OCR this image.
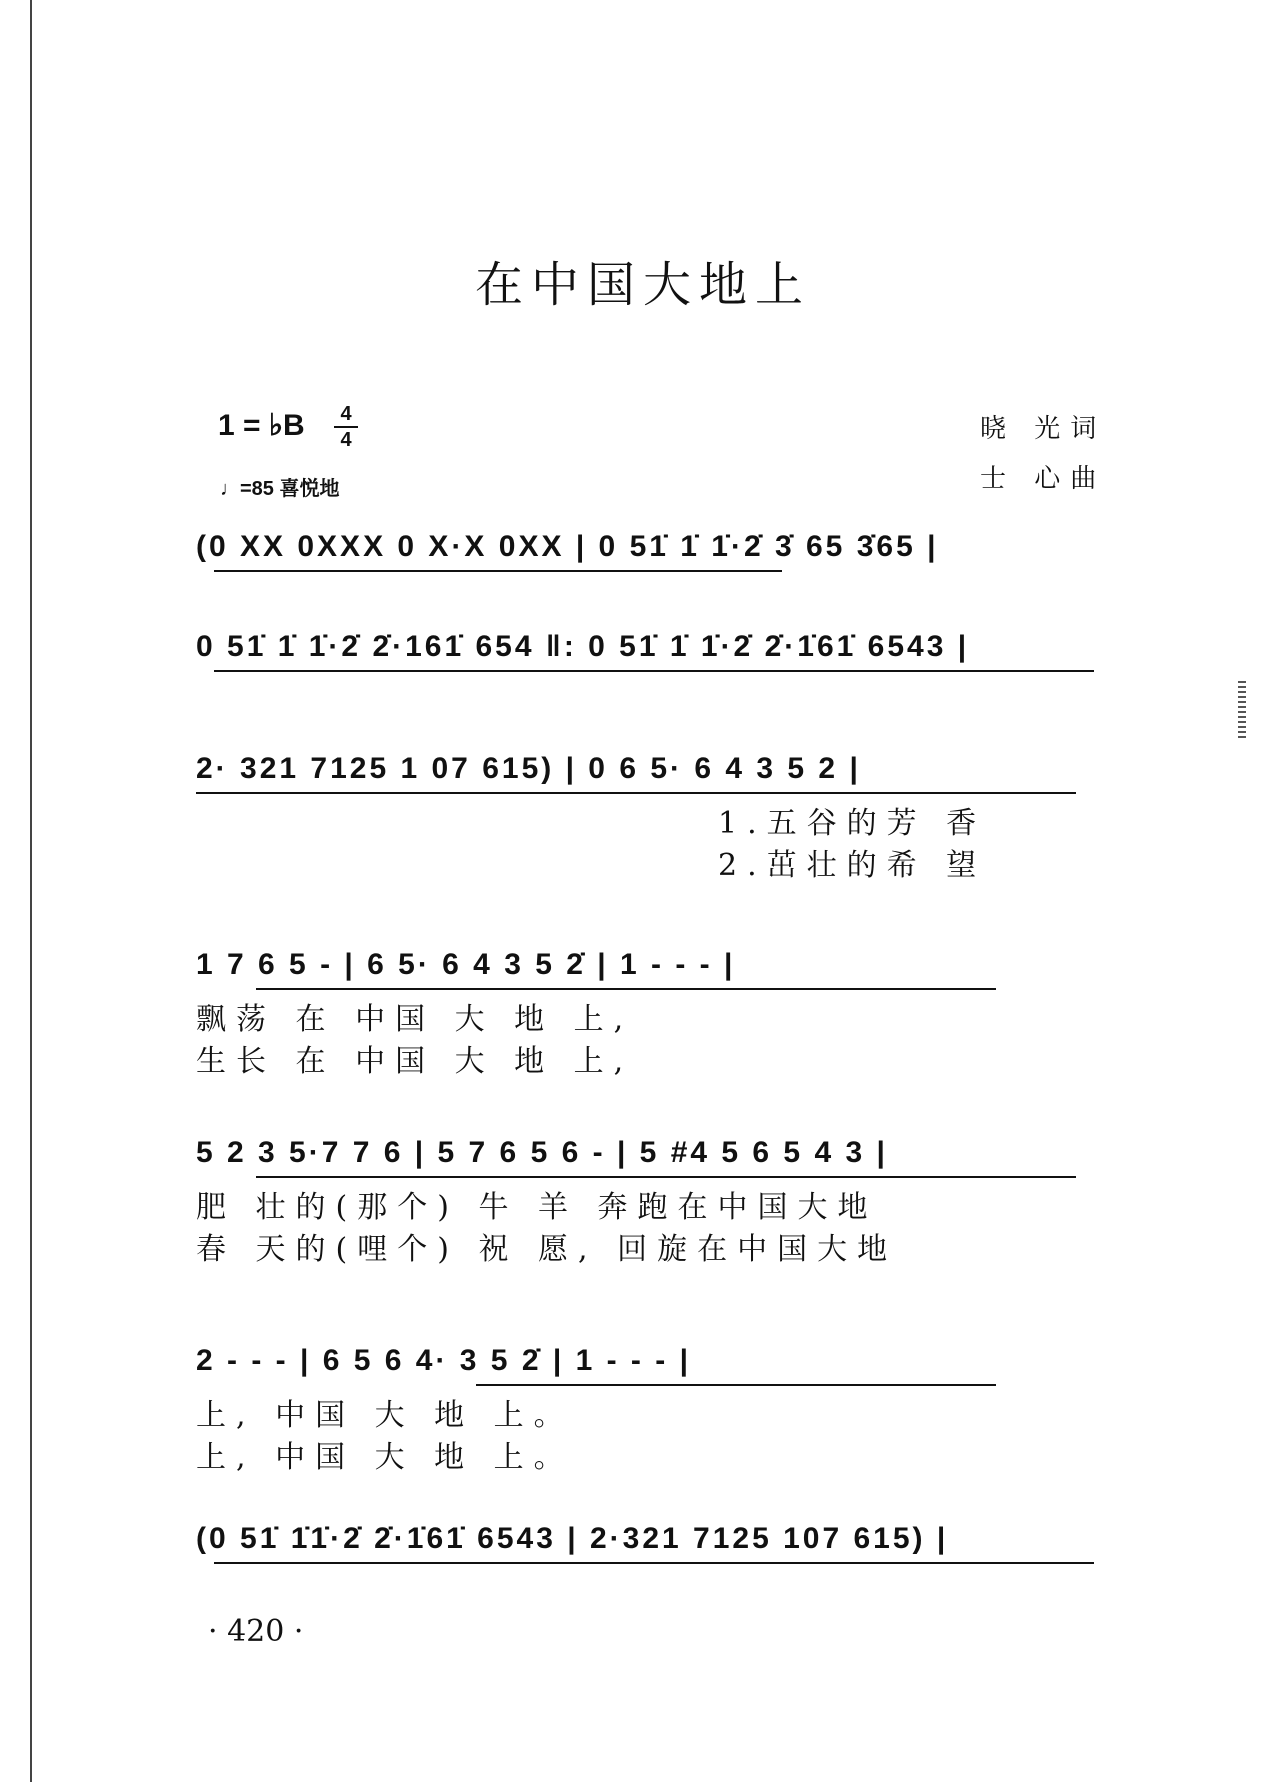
在中国大地上
1 = ♭B	4
4
♩=85 喜悦地
晓 光词
士 心曲
(0 XX 0XXX 0 X·X 0XX | 0 51̇ 1̇ 1̇·2̇ 3̇ 65 3̇65 |
0 51̇ 1̇ 1̇·2̇ 2̇·161̇ 654 ‖: 0 51̇ 1̇ 1̇·2̇ 2̇·1̇61̇ 6543 |
2· 321 7125 1 07 615) | 0 6 5· 6 4 3 5 2 |
1.五谷的芳 香
2.茁壮的希 望
1 7 6 5 - | 6 5· 6 4 3 5 2̇ | 1 - - - |
飘荡 在 中国 大 地 上,
生长 在 中国 大 地 上,
5 2 3 5·7 7 6 | 5 7 6 5 6 - | 5 #4 5 6 5 4 3 |
肥 壮的(那个) 牛 羊 奔跑在中国大地
春 天的(哩个) 祝 愿, 回旋在中国大地
2 - - - | 6 5 6 4· 3 5 2̇ | 1 - - - |
上, 中国 大 地 上。
上, 中国 大 地 上。
(0 51̇ 1̇1̇·2̇ 2̇·1̇61̇ 6543 | 2·321 7125 107 615) |
· 420 ·
